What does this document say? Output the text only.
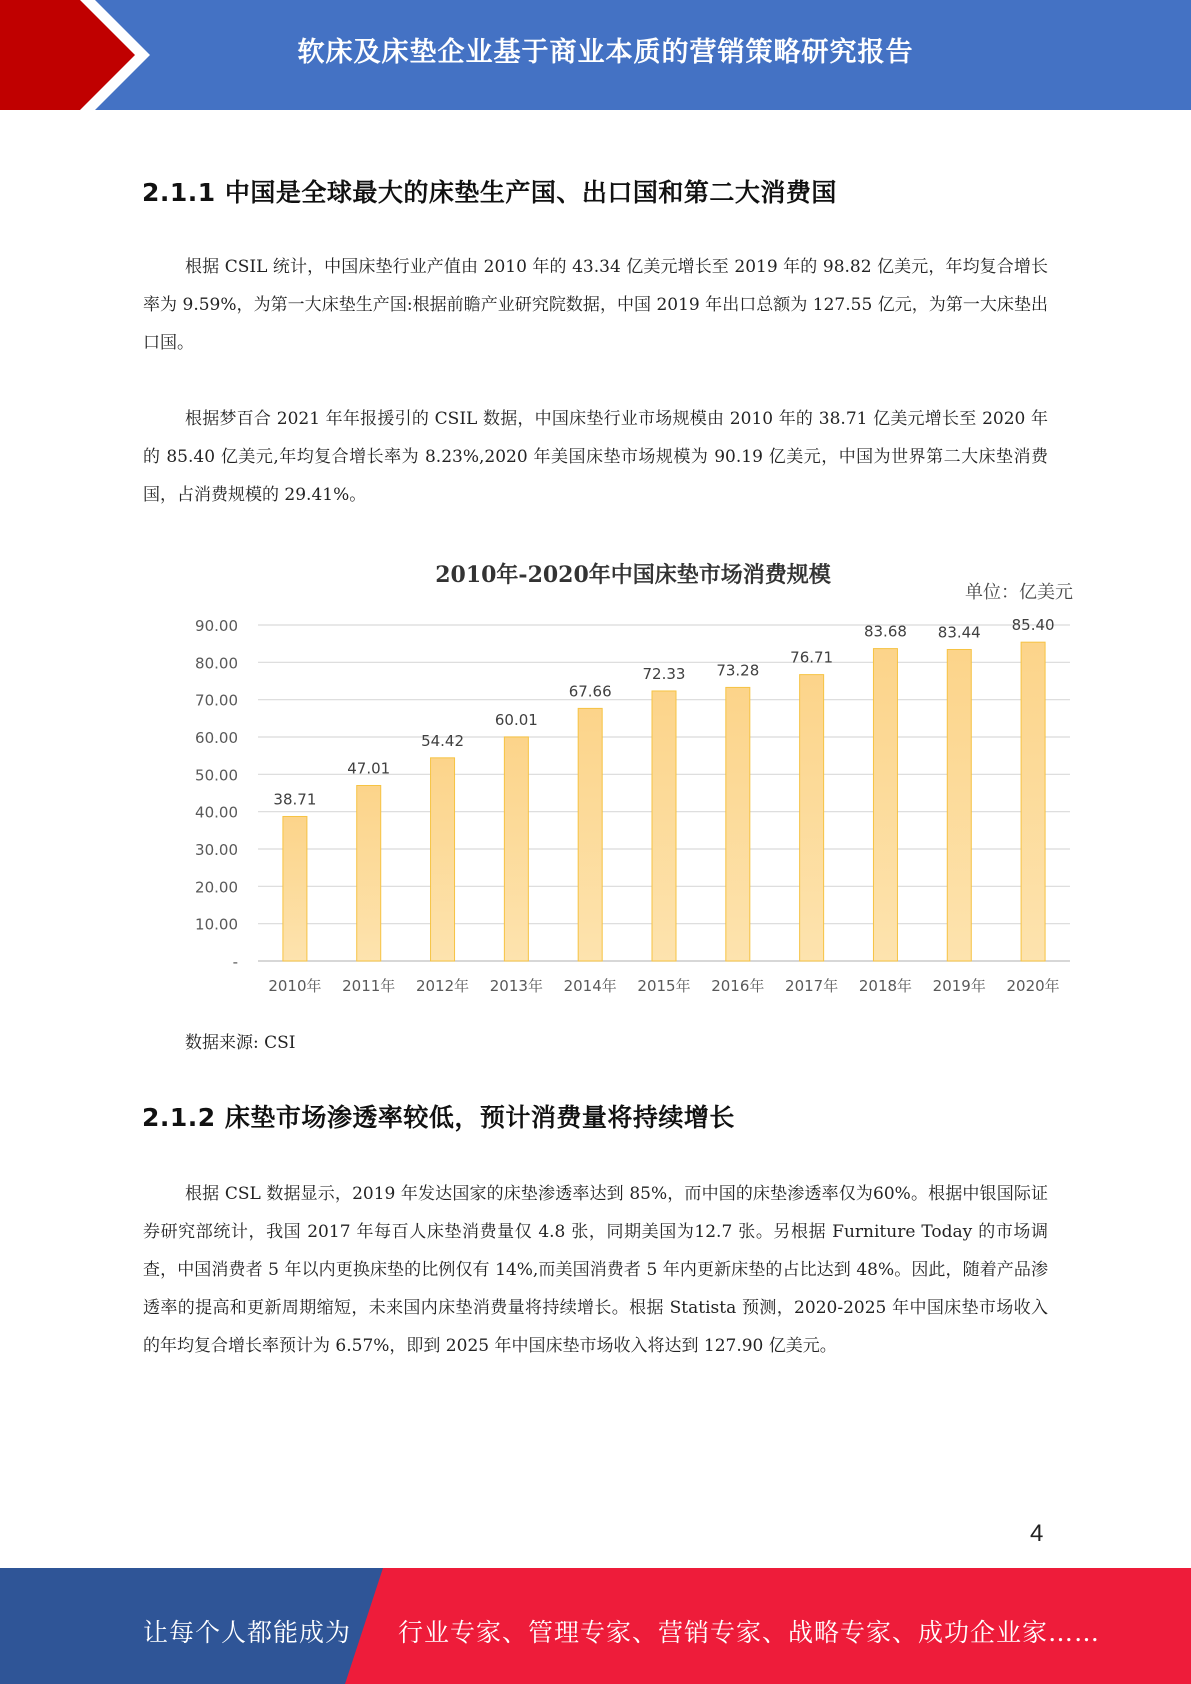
软床及床垫企业基于商业本质的营销策略研究报告
2.1.1 中国是全球最大的床垫生产国、出口国和第二大消费国

根据 CSIL 统计，中国床垫行业产值由 2010 年的 43.34 亿美元增长至 2019 年的 98.82 亿美元，年均复合增长率为 9.59%，为第一大床垫生产国:根据前瞻产业研究院数据，中国 2019 年出口总额为 127.55 亿元，为第一大床垫出口国。

根据梦百合 2021 年年报援引的 CSIL 数据，中国床垫行业市场规模由 2010 年的 38.71 亿美元增长至 2020 年的 85.40 亿美元,年均复合增长率为 8.23%,2020 年美国床垫市场规模为 90.19 亿美元，中国为世界第二大床垫消费国，占消费规模的 29.41%。

2010年-2020年中国床垫市场消费规模
单位：亿美元
-
10.00
20.00
30.00
40.00
50.00
60.00
70.00
80.00
90.00
38.71
2010年
47.01
2011年
54.42
2012年
60.01
2013年
67.66
2014年
72.33
2015年
73.28
2016年
76.71
2017年
83.68
2018年
83.44
2019年
85.40
2020年
数据来源: CSI
2.1.2 床垫市场渗透率较低，预计消费量将持续增长

根据 CSL 数据显示，2019 年发达国家的床垫渗透率达到 85%，而中国的床垫渗透率仅为60%。根据中银国际证券研究部统计，我国 2017 年每百人床垫消费量仅 4.8 张，同期美国为12.7 张。另根据 Furniture Today 的市场调查，中国消费者 5 年以内更换床垫的比例仅有 14%,而美国消费者 5 年内更新床垫的占比达到 48%。因此，随着产品渗透率的提高和更新周期缩短，未来国内床垫消费量将持续增长。根据 Statista 预测，2020-2025 年中国床垫市场收入的年均复合增长率预计为 6.57%，即到 2025 年中国床垫市场收入将达到 127.90 亿美元。

4
让每个人都能成为 行业专家、管理专家、营销专家、战略专家、成功企业家……
